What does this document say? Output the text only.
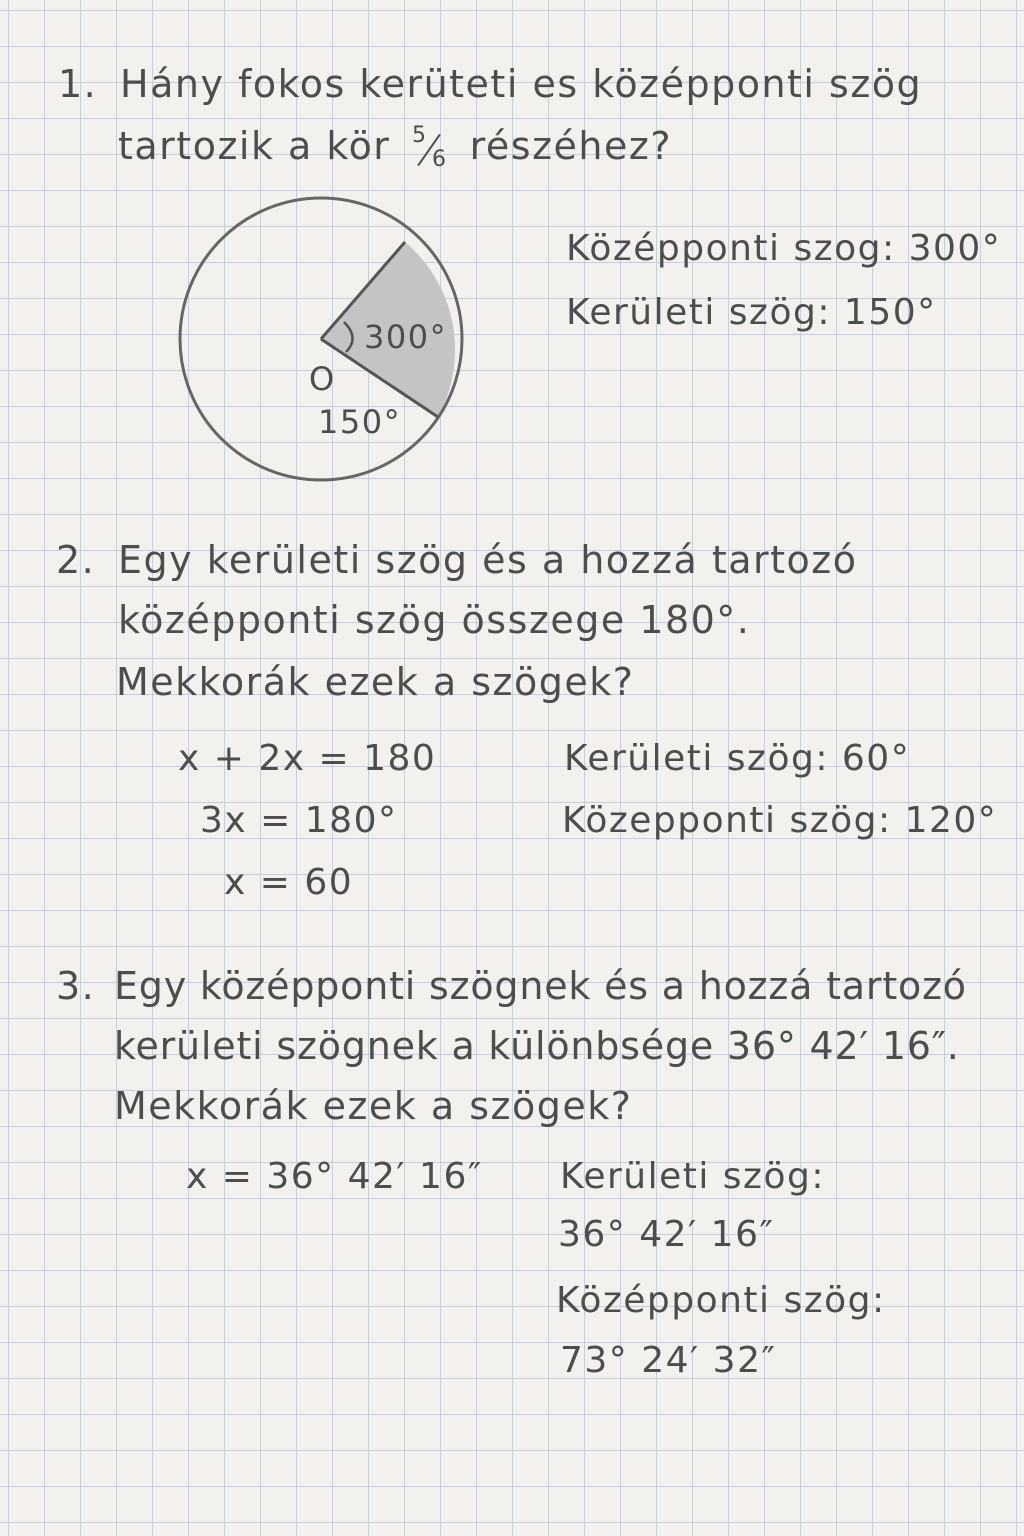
1. Hány fokos kerüteti es középponti szög
tartozik a kör 5
6 részéhez?
300°
O
150°
Középponti szog: 300°
Kerületi szög: 150°
2. Egy kerületi szög és a hozzá tartozó
középponti szög összege 180°.
Mekkorák ezek a szögek?
x + 2x = 180
3x = 180°
x = 60
Kerületi szög: 60°
Közepponti szög: 120°
3. Egy középponti szögnek és a hozzá tartozó
kerületi szögnek a különbsége 36° 42′ 16″.
Mekkorák ezek a szögek?
x = 36° 42′ 16″ Kerületi szög:
36° 42′ 16″
Középponti szög:
73° 24′ 32″
